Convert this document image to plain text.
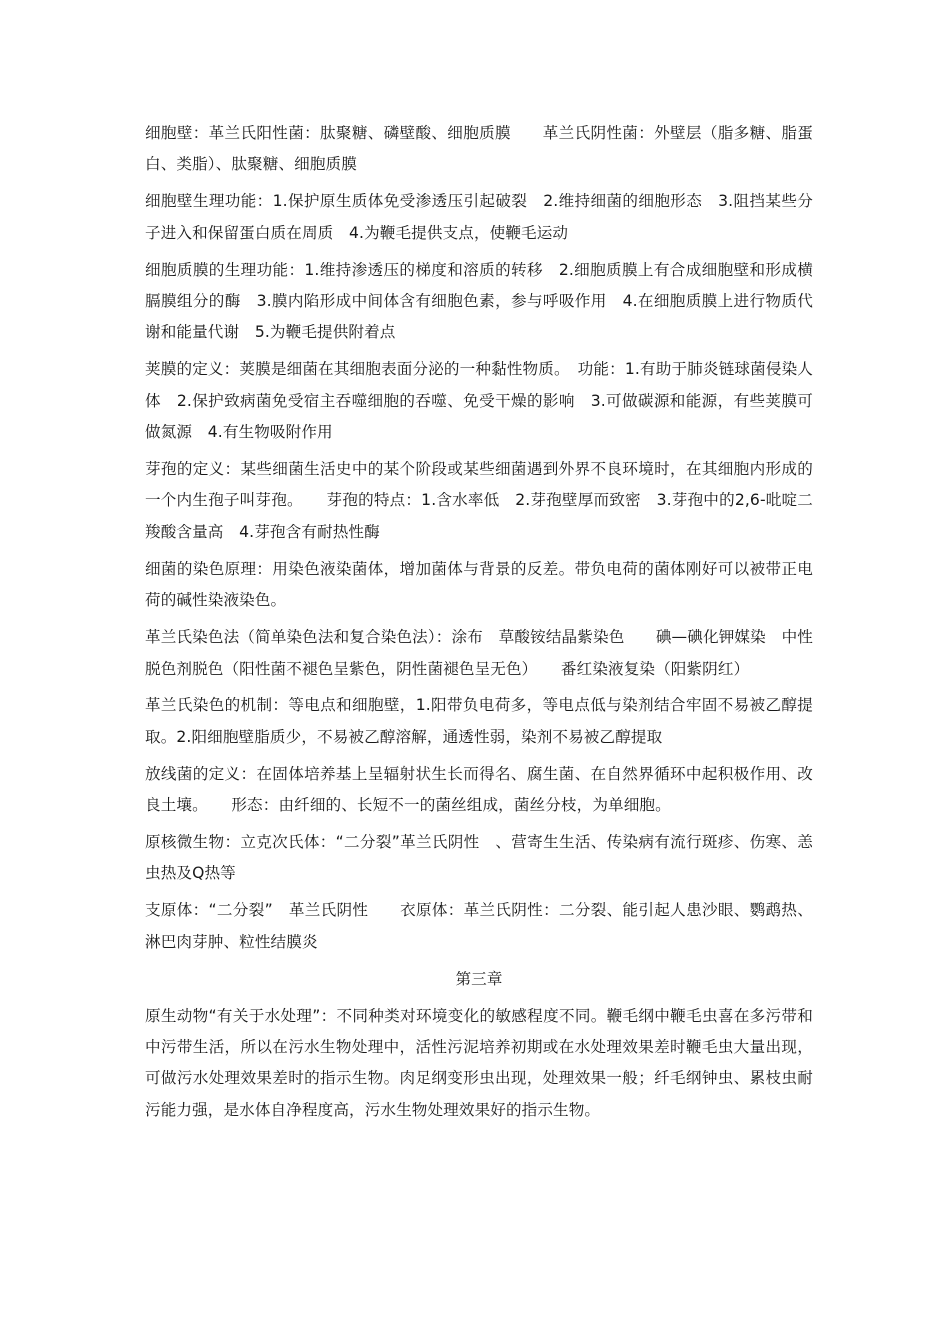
细胞壁：革兰氏阳性菌：肽聚糖、磷壁酸、细胞质膜　　革兰氏阴性菌：外壁层（脂多糖、脂蛋白、类脂）、肽聚糖、细胞质膜

细胞壁生理功能：1.保护原生质体免受渗透压引起破裂　2.维持细菌的细胞形态　3.阻挡某些分子进入和保留蛋白质在周质　4.为鞭毛提供支点，使鞭毛运动

细胞质膜的生理功能：1.维持渗透压的梯度和溶质的转移　2.细胞质膜上有合成细胞壁和形成横膈膜组分的酶　3.膜内陷形成中间体含有细胞色素，参与呼吸作用　4.在细胞质膜上进行物质代谢和能量代谢　5.为鞭毛提供附着点

荚膜的定义：荚膜是细菌在其细胞表面分泌的一种黏性物质。　功能：1.有助于肺炎链球菌侵染人体　2.保护致病菌免受宿主吞噬细胞的吞噬、免受干燥的影响　3.可做碳源和能源，有些荚膜可做氮源　4.有生物吸附作用

芽孢的定义：某些细菌生活史中的某个阶段或某些细菌遇到外界不良环境时，在其细胞内形成的一个内生孢子叫芽孢。　　芽孢的特点：1.含水率低　2.芽孢壁厚而致密　3.芽孢中的2,6-吡啶二羧酸含量高　4.芽孢含有耐热性酶

细菌的染色原理：用染色液染菌体，增加菌体与背景的反差。带负电荷的菌体刚好可以被带正电荷的碱性染液染色。

革兰氏染色法（简单染色法和复合染色法）：涂布　草酸铵结晶紫染色　　碘—碘化钾媒染　中性脱色剂脱色（阳性菌不褪色呈紫色，阴性菌褪色呈无色）　　番红染液复染（阳紫阴红）

革兰氏染色的机制：等电点和细胞壁，1.阳带负电荷多，等电点低与染剂结合牢固不易被乙醇提取。2.阳细胞壁脂质少，不易被乙醇溶解，通透性弱，染剂不易被乙醇提取

放线菌的定义：在固体培养基上呈辐射状生长而得名、腐生菌、在自然界循环中起积极作用、改良土壤。　　形态：由纤细的、长短不一的菌丝组成，菌丝分枝，为单细胞。

原核微生物：立克次氏体：“二分裂”革兰氏阴性　、营寄生生活、传染病有流行斑疹、伤寒、恙虫热及Q热等

支原体：“二分裂”　革兰氏阴性　　衣原体：革兰氏阴性：二分裂、能引起人患沙眼、鹦鹉热、淋巴肉芽肿、粒性结膜炎

第三章

原生动物“有关于水处理”：不同种类对环境变化的敏感程度不同。鞭毛纲中鞭毛虫喜在多污带和中污带生活，所以在污水生物处理中，活性污泥培养初期或在水处理效果差时鞭毛虫大量出现，可做污水处理效果差时的指示生物。肉足纲变形虫出现，处理效果一般；纤毛纲钟虫、累枝虫耐污能力强，是水体自净程度高，污水生物处理效果好的指示生物。
